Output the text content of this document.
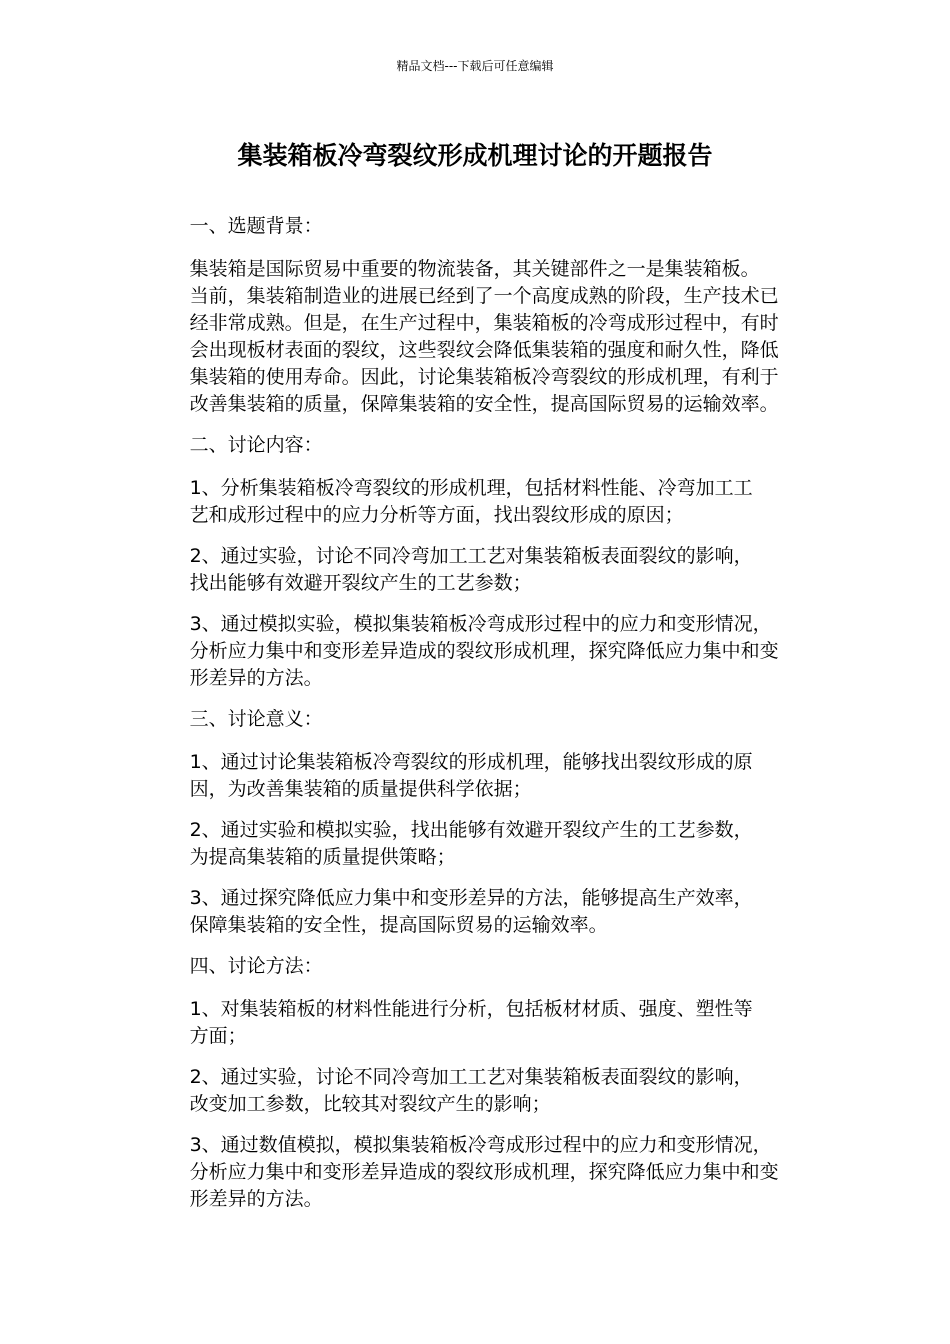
精品文档---下载后可任意编辑
集装箱板冷弯裂纹形成机理讨论的开题报告

一、选题背景：

集装箱是国际贸易中重要的物流装备，其关键部件之一是集装箱板。
当前，集装箱制造业的进展已经到了一个高度成熟的阶段，生产技术已
经非常成熟。但是，在生产过程中，集装箱板的冷弯成形过程中，有时
会出现板材表面的裂纹，这些裂纹会降低集装箱的强度和耐久性，降低
集装箱的使用寿命。因此，讨论集装箱板冷弯裂纹的形成机理，有利于
改善集装箱的质量，保障集装箱的安全性，提高国际贸易的运输效率。

二、讨论内容：

1、分析集装箱板冷弯裂纹的形成机理，包括材料性能、冷弯加工工
艺和成形过程中的应力分析等方面，找出裂纹形成的原因；

2、通过实验，讨论不同冷弯加工工艺对集装箱板表面裂纹的影响，
找出能够有效避开裂纹产生的工艺参数；

3、通过模拟实验，模拟集装箱板冷弯成形过程中的应力和变形情况，
分析应力集中和变形差异造成的裂纹形成机理，探究降低应力集中和变
形差异的方法。

三、讨论意义：

1、通过讨论集装箱板冷弯裂纹的形成机理，能够找出裂纹形成的原
因，为改善集装箱的质量提供科学依据；

2、通过实验和模拟实验，找出能够有效避开裂纹产生的工艺参数，
为提高集装箱的质量提供策略；

3、通过探究降低应力集中和变形差异的方法，能够提高生产效率，
保障集装箱的安全性，提高国际贸易的运输效率。

四、讨论方法：

1、对集装箱板的材料性能进行分析，包括板材材质、强度、塑性等
方面；

2、通过实验，讨论不同冷弯加工工艺对集装箱板表面裂纹的影响，
改变加工参数，比较其对裂纹产生的影响；

3、通过数值模拟，模拟集装箱板冷弯成形过程中的应力和变形情况，
分析应力集中和变形差异造成的裂纹形成机理，探究降低应力集中和变
形差异的方法。
